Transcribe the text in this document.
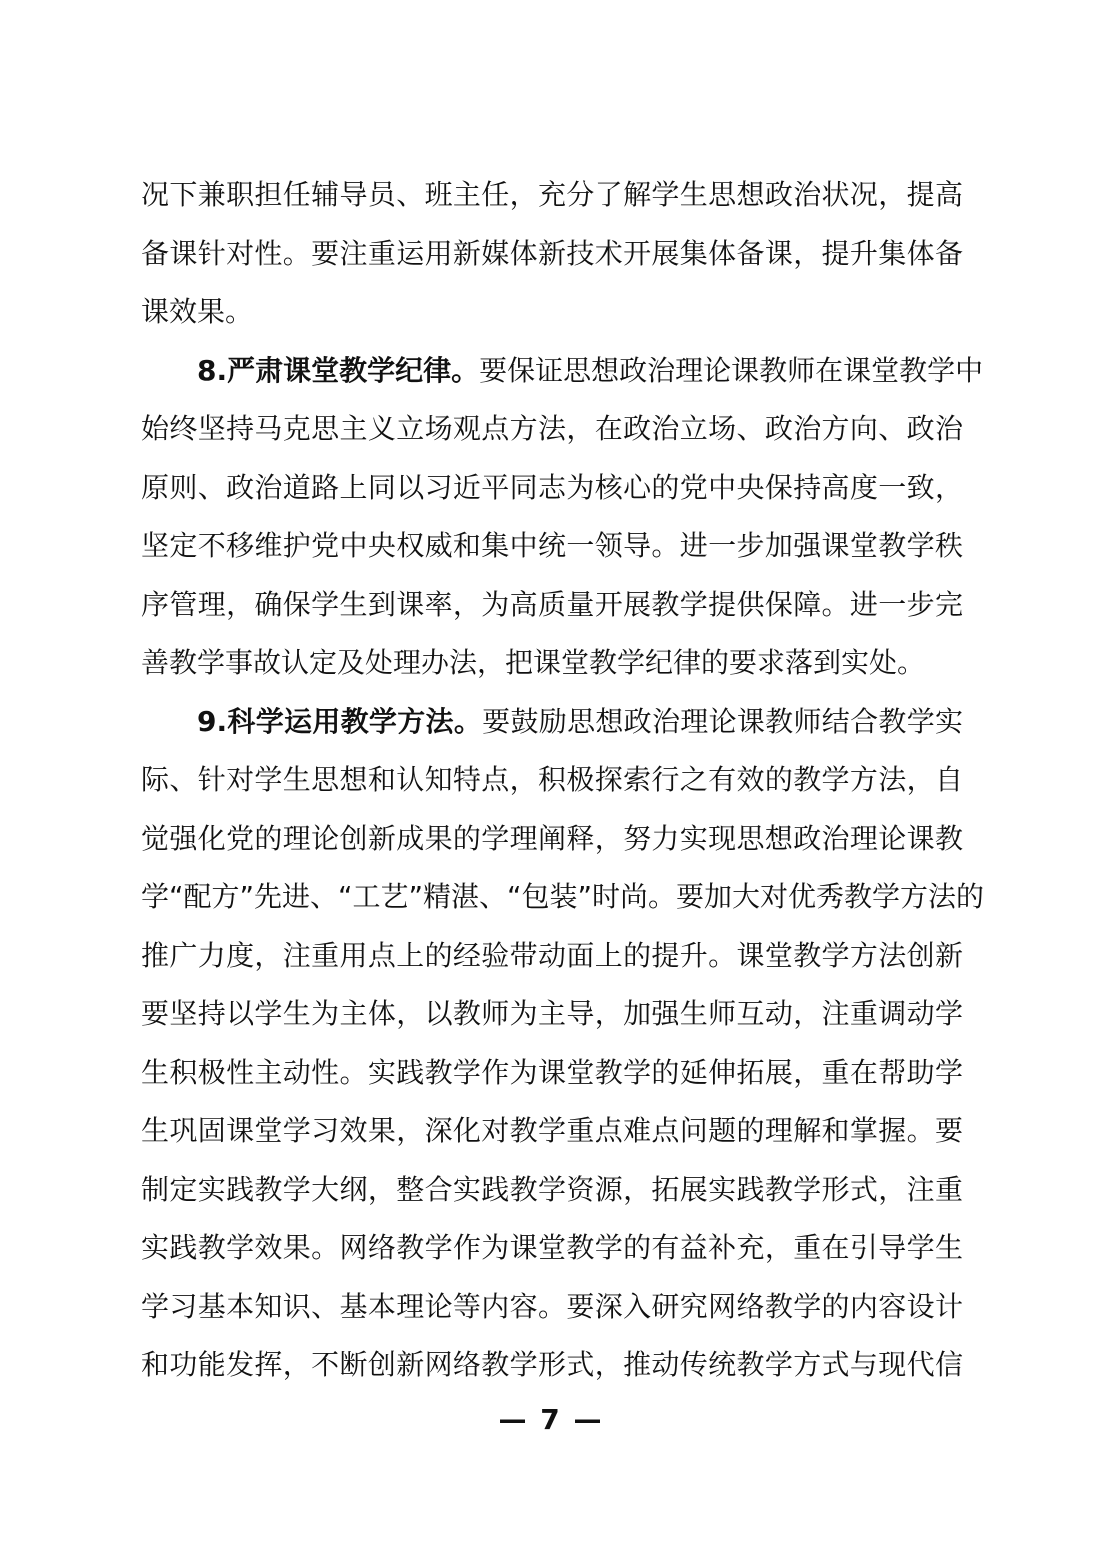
况下兼职担任辅导员、班主任，充分了解学生思想政治状况，提高
备课针对性。要注重运用新媒体新技术开展集体备课，提升集体备
课效果。
8.严肃课堂教学纪律。要保证思想政治理论课教师在课堂教学中
始终坚持马克思主义立场观点方法，在政治立场、政治方向、政治
原则、政治道路上同以习近平同志为核心的党中央保持高度一致，
坚定不移维护党中央权威和集中统一领导。进一步加强课堂教学秩
序管理，确保学生到课率，为高质量开展教学提供保障。进一步完
善教学事故认定及处理办法，把课堂教学纪律的要求落到实处。
9.科学运用教学方法。要鼓励思想政治理论课教师结合教学实
际、针对学生思想和认知特点，积极探索行之有效的教学方法，自
觉强化党的理论创新成果的学理阐释，努力实现思想政治理论课教
学“配方”先进、“工艺”精湛、“包装”时尚。要加大对优秀教学方法的
推广力度，注重用点上的经验带动面上的提升。课堂教学方法创新
要坚持以学生为主体，以教师为主导，加强生师互动，注重调动学
生积极性主动性。实践教学作为课堂教学的延伸拓展，重在帮助学
生巩固课堂学习效果，深化对教学重点难点问题的理解和掌握。要
制定实践教学大纲，整合实践教学资源，拓展实践教学形式，注重
实践教学效果。网络教学作为课堂教学的有益补充，重在引导学生
学习基本知识、基本理论等内容。要深入研究网络教学的内容设计
和功能发挥，不断创新网络教学形式，推动传统教学方式与现代信
— 7 —
